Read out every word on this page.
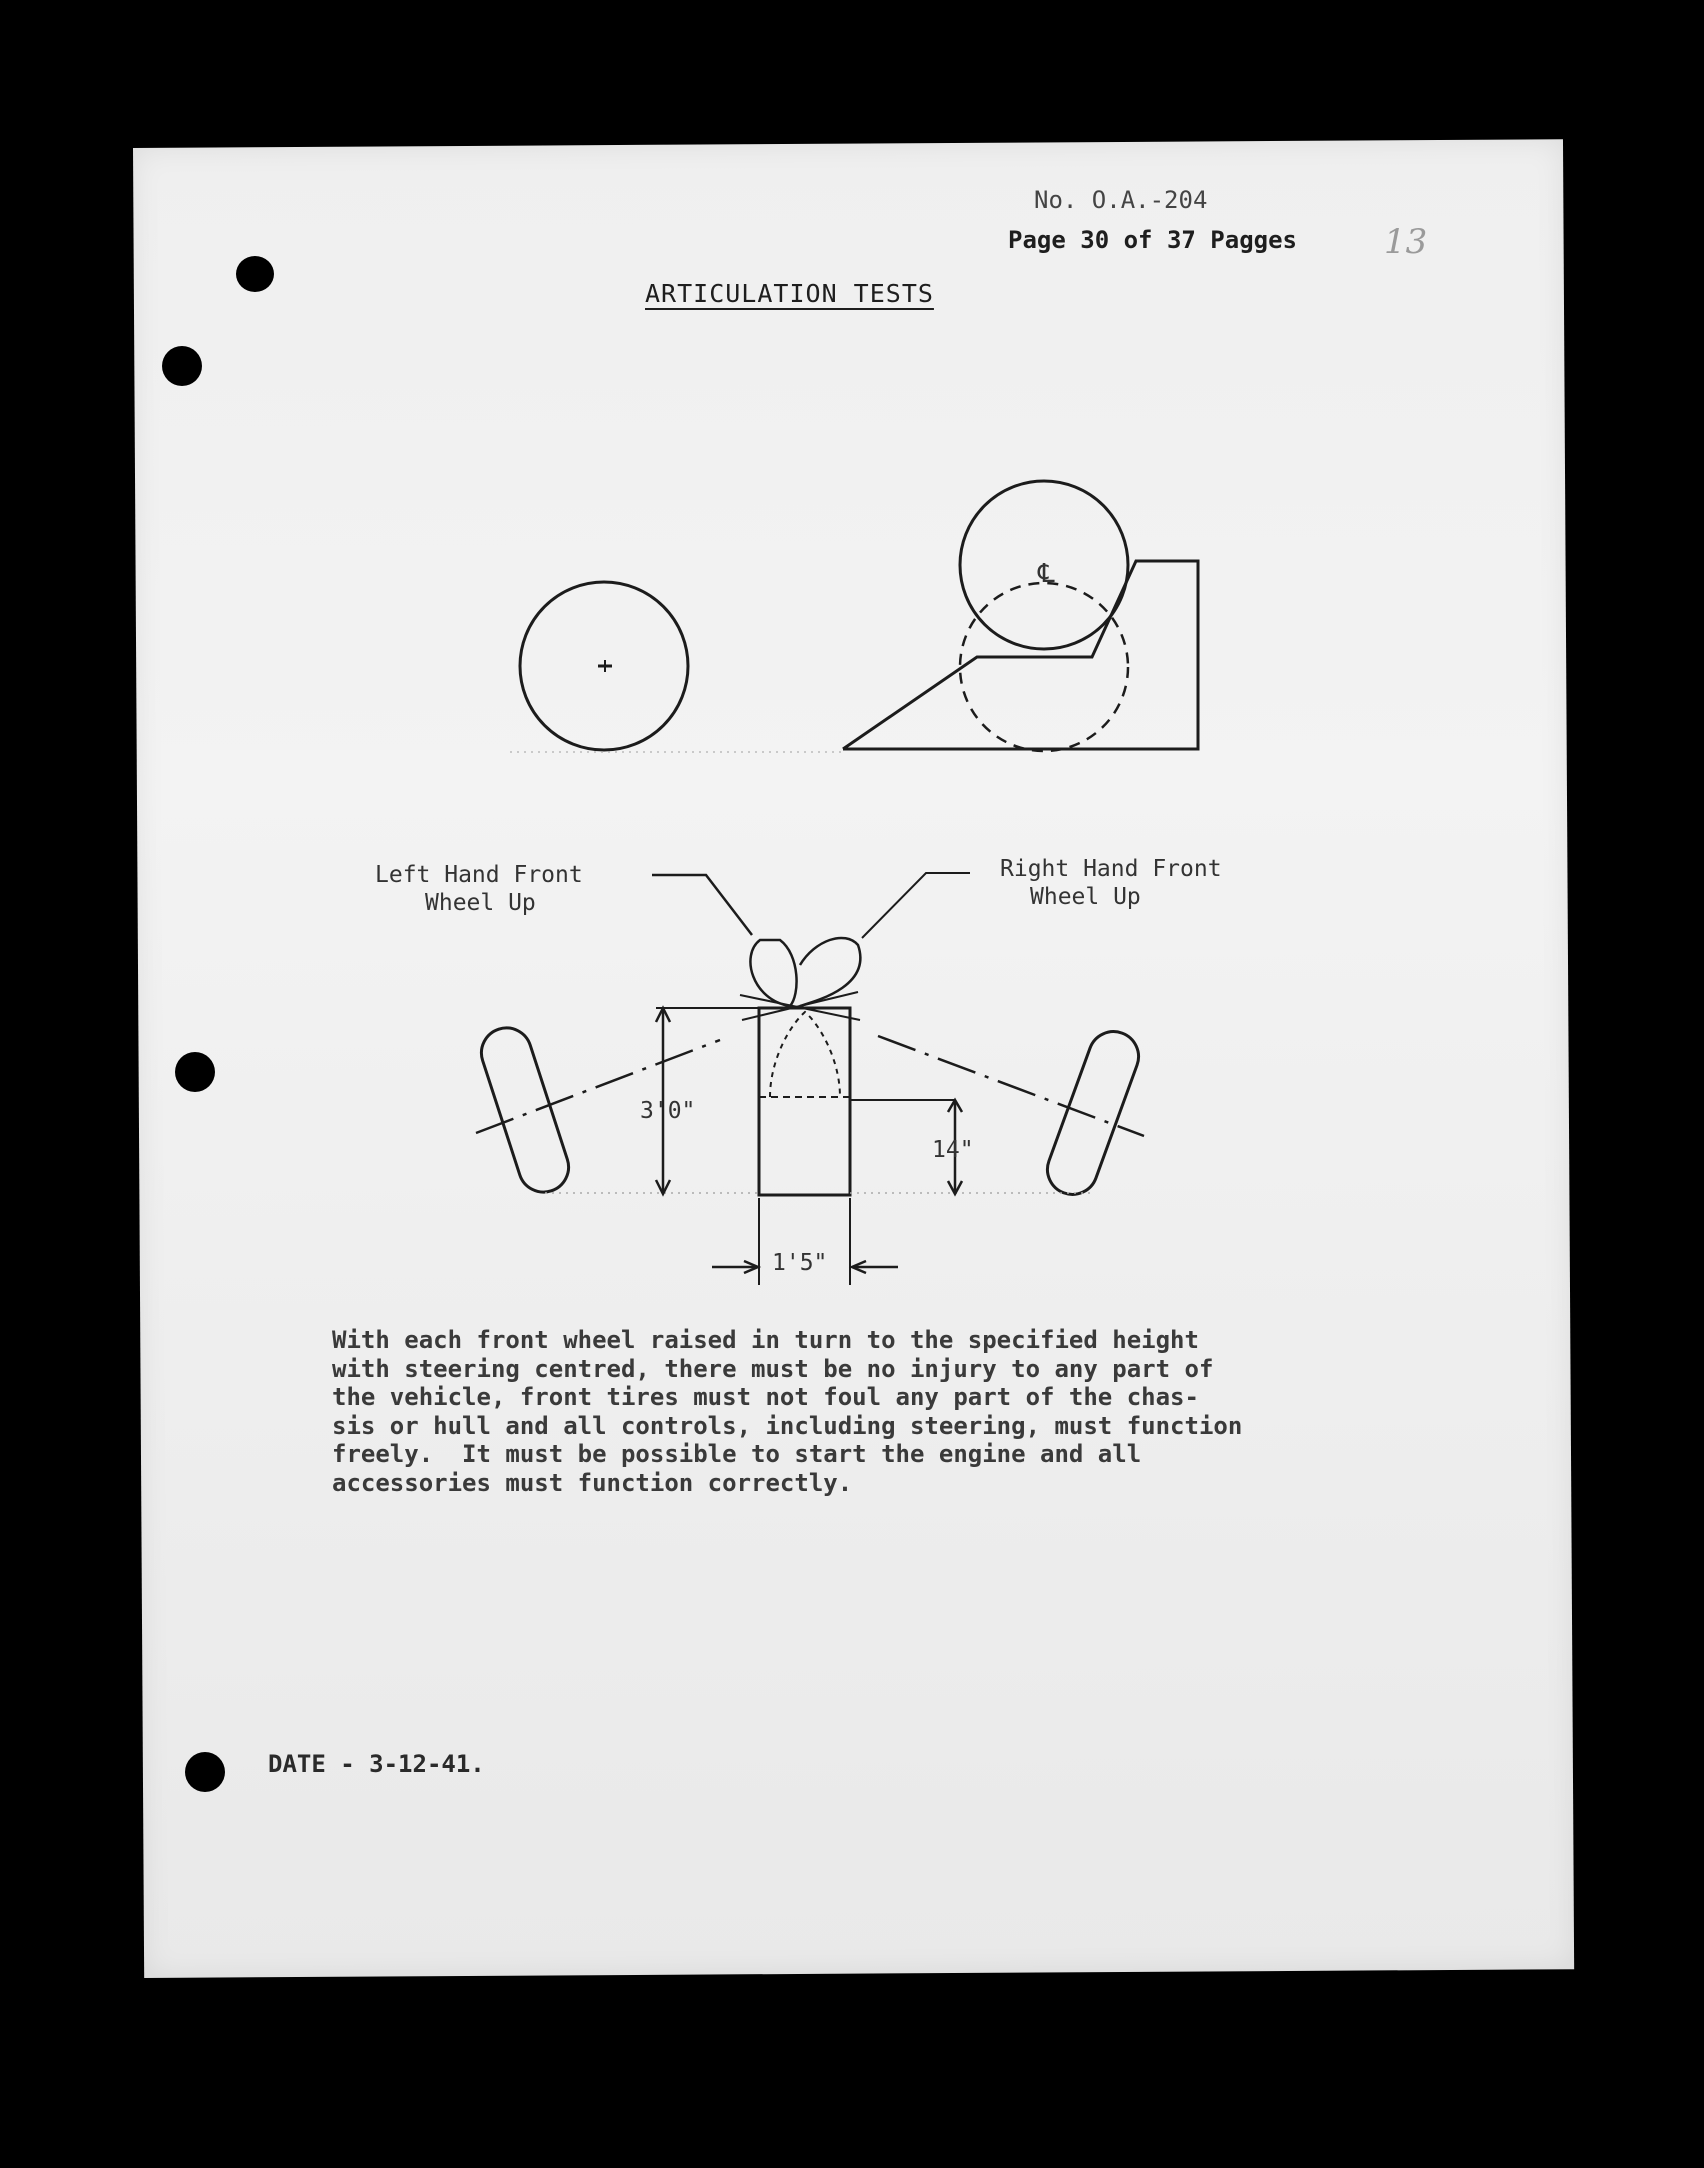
No. O.A.-204
Page 30 of 37 Pagges	13
ARTICULATION TESTS
℄
Left Hand Front
Wheel Up
Right Hand Front
Wheel Up
3'0"
14"
1'5"
With each front wheel raised in turn to the specified height
with steering centred, there must be no injury to any part of
the vehicle, front tires must not foul any part of the chas-
sis or hull and all controls, including steering, must function
freely.  It must be possible to start the engine and all
accessories must function correctly.
DATE - 3-12-41.
